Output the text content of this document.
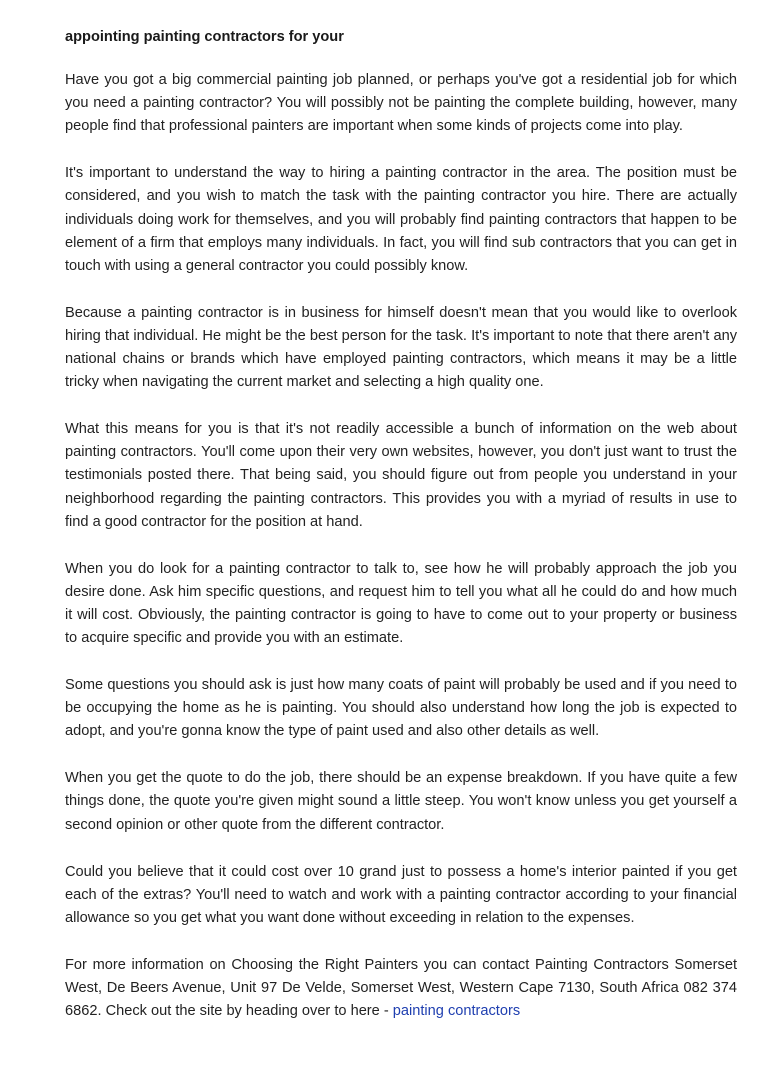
appointing painting contractors for your

Have you got a big commercial painting job planned, or perhaps you've got a residential job for which you need a painting contractor? You will possibly not be painting the complete building, however, many people find that professional painters are important when some kinds of projects come into play.

It's important to understand the way to hiring a painting contractor in the area. The position must be considered, and you wish to match the task with the painting contractor you hire. There are actually individuals doing work for themselves, and you will probably find painting contractors that happen to be element of a firm that employs many individuals. In fact, you will find sub contractors that you can get in touch with using a general contractor you could possibly know.

Because a painting contractor is in business for himself doesn't mean that you would like to overlook hiring that individual. He might be the best person for the task. It's important to note that there aren't any national chains or brands which have employed painting contractors, which means it may be a little tricky when navigating the current market and selecting a high quality one.

What this means for you is that it's not readily accessible a bunch of information on the web about painting contractors. You'll come upon their very own websites, however, you don't just want to trust the testimonials posted there. That being said, you should figure out from people you understand in your neighborhood regarding the painting contractors. This provides you with a myriad of results in use to find a good contractor for the position at hand.

When you do look for a painting contractor to talk to, see how he will probably approach the job you desire done. Ask him specific questions, and request him to tell you what all he could do and how much it will cost. Obviously, the painting contractor is going to have to come out to your property or business to acquire specific and provide you with an estimate.

Some questions you should ask is just how many coats of paint will probably be used and if you need to be occupying the home as he is painting. You should also understand how long the job is expected to adopt, and you're gonna know the type of paint used and also other details as well.

When you get the quote to do the job, there should be an expense breakdown. If you have quite a few things done, the quote you're given might sound a little steep. You won't know unless you get yourself a second opinion or other quote from the different contractor.

Could you believe that it could cost over 10 grand just to possess a home's interior painted if you get each of the extras? You'll need to watch and work with a painting contractor according to your financial allowance so you get what you want done without exceeding in relation to the expenses.

For more information on Choosing the Right Painters you can contact Painting Contractors Somerset West, De Beers Avenue, Unit 97 De Velde, Somerset West, Western Cape 7130, South Africa 082 374 6862. Check out the site by heading over to here - painting contractors
